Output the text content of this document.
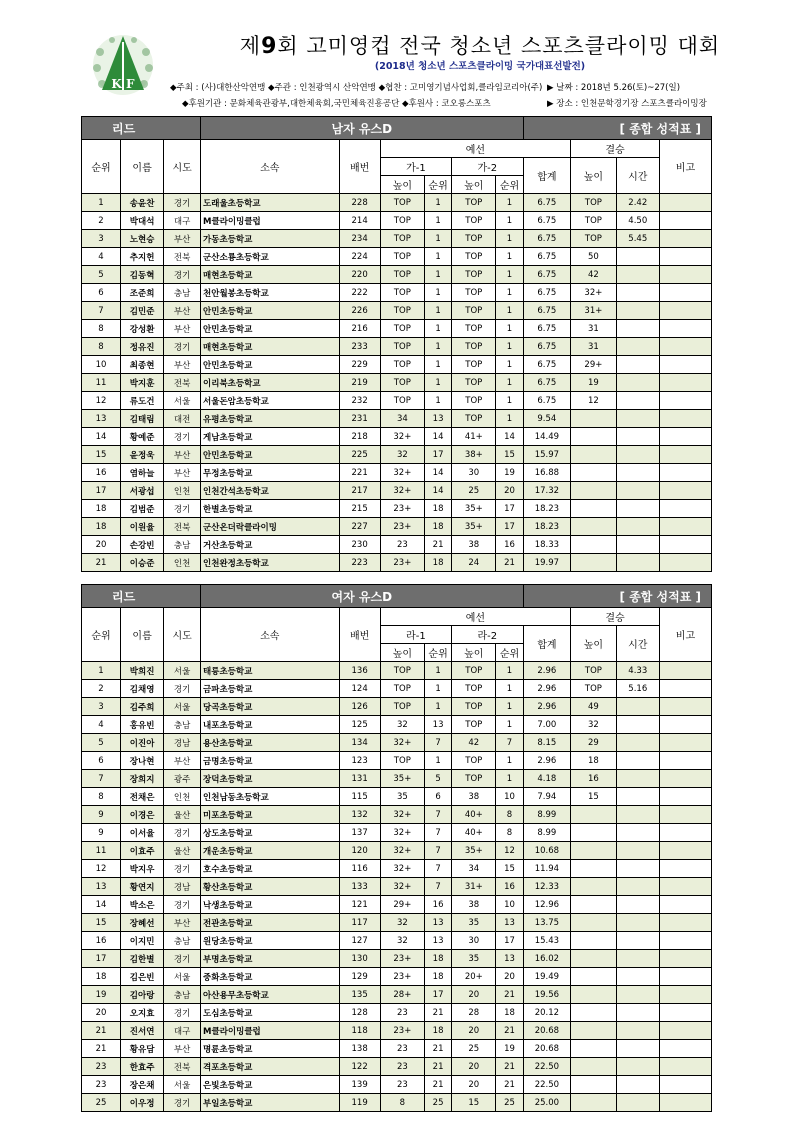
K F
제9회 고미영컵 전국 청소년 스포츠클라이밍 대회
(2018년 청소년 스포츠클라이밍 국가대표선발전)
◆주최 : (사)대한산악연맹 ◆주관 : 인천광역시 산악연맹 ◆협찬 : 고미영기념사업회,클라임코리아(주)
◆후원기관 : 문화체육관광부,대한체육회,국민체육진흥공단 ◆후원사 : 코오롱스포츠
▶ 날짜 : 2018년 5.26(토)~27(일)
▶ 장소 : 인천문학경기장 스포츠클라이밍장
리드			남자 유스D						[ 종합 성적표 ]			
순위	이름	시도	소속	배번	예선					결승		비고
					가-1		가-2		합계	높이	시간	
					높이	순위	높이	순위				
1	송윤찬	경기	도래울초등학교	228	TOP	1	TOP	1	6.75	TOP	2.42	
2	박대석	대구	M클라이밍클럽	214	TOP	1	TOP	1	6.75	TOP	4.50	
3	노현승	부산	가동초등학교	234	TOP	1	TOP	1	6.75	TOP	5.45	
4	추지헌	전북	군산소룡초등학교	224	TOP	1	TOP	1	6.75	50		
5	김동혁	경기	매현초등학교	220	TOP	1	TOP	1	6.75	42		
6	조준희	충남	천안월봉초등학교	222	TOP	1	TOP	1	6.75	32+		
7	김민준	부산	안민초등학교	226	TOP	1	TOP	1	6.75	31+		
8	강성환	부산	안민초등학교	216	TOP	1	TOP	1	6.75	31		
8	정유진	경기	매현초등학교	233	TOP	1	TOP	1	6.75	31		
10	최종현	부산	안민초등학교	229	TOP	1	TOP	1	6.75	29+		
11	박지훈	전북	이리북초등학교	219	TOP	1	TOP	1	6.75	19		
12	류도건	서울	서울돈암초등학교	232	TOP	1	TOP	1	6.75	12		
13	김태림	대전	유평초등학교	231	34	13	TOP	1	9.54			
14	황예준	경기	게남초등학교	218	32+	14	41+	14	14.49			
15	윤정욱	부산	안민초등학교	225	32	17	38+	15	15.97			
16	염하늘	부산	무정초등학교	221	32+	14	30	19	16.88			
17	서광섭	인천	인천간석초등학교	217	32+	14	25	20	17.32			
18	김범준	경기	한별초등학교	215	23+	18	35+	17	18.23			
18	이원율	전북	군산온더락클라이밍	227	23+	18	35+	17	18.23			
20	손강빈	충남	거산초등학교	230	23	21	38	16	18.33			
21	이승준	인천	인천완정초등학교	223	23+	18	24	21	19.97			
리드			여자 유스D						[ 종합 성적표 ]			
순위	이름	시도	소속	배번	예선					결승		비고
					라-1		라-2		합계	높이	시간	
					높이	순위	높이	순위				
1	박희진	서울	태릉초등학교	136	TOP	1	TOP	1	2.96	TOP	4.33	
2	김채영	경기	금파초등학교	124	TOP	1	TOP	1	2.96	TOP	5.16	
3	김주희	서울	당곡초등학교	126	TOP	1	TOP	1	2.96	49		
4	홍유빈	충남	내포초등학교	125	32	13	TOP	1	7.00	32		
5	이진아	경남	용산초등학교	134	32+	7	42	7	8.15	29		
6	장나현	부산	금명초등학교	123	TOP	1	TOP	1	2.96	18		
7	장희지	광주	장덕초등학교	131	35+	5	TOP	1	4.18	16		
8	전채은	인천	인천남동초등학교	115	35	6	38	10	7.94	15		
9	이경은	울산	미포초등학교	132	32+	7	40+	8	8.99			
9	이서율	경기	상도초등학교	137	32+	7	40+	8	8.99			
11	이효주	울산	개운초등학교	120	32+	7	35+	12	10.68			
12	박지우	경기	호수초등학교	116	32+	7	34	15	11.94			
13	황연지	경남	황산초등학교	133	32+	7	31+	16	12.33			
14	박소은	경기	낙생초등학교	121	29+	16	38	10	12.96			
15	장혜선	부산	전관초등학교	117	32	13	35	13	13.75			
16	이지민	충남	원당초등학교	127	32	13	30	17	15.43			
17	김한별	경기	부명초등학교	130	23+	18	35	13	16.02			
18	김은빈	서울	중화초등학교	129	23+	18	20+	20	19.49			
19	김아랑	충남	아산용무초등학교	135	28+	17	20	21	19.56			
20	오지효	경기	도심초등학교	128	23	21	28	18	20.12			
21	진서연	대구	M클라이밍클럽	118	23+	18	20	21	20.68			
21	황유담	부산	명륜초등학교	138	23	21	25	19	20.68			
23	한효주	전북	격포초등학교	122	23	21	20	21	22.50			
23	장은채	서울	은빛초등학교	139	23	21	20	21	22.50			
25	이우정	경기	부일초등학교	119	8	25	15	25	25.00			
